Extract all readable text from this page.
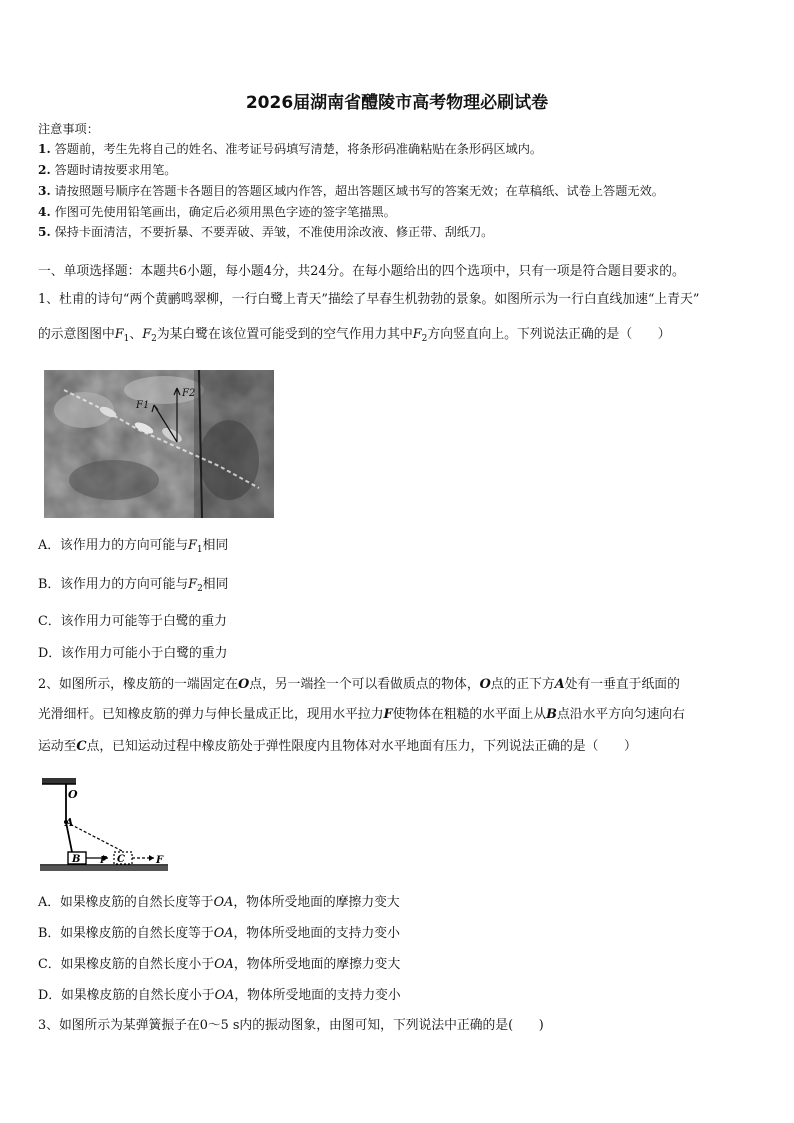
2026届湖南省醴陵市高考物理必刷试卷
注意事项：
1. 答题前，考生先将自己的姓名、准考证号码填写清楚，将条形码准确粘贴在条形码区域内。
2. 答题时请按要求用笔。
3. 请按照题号顺序在答题卡各题目的答题区域内作答，超出答题区域书写的答案无效；在草稿纸、试卷上答题无效。
4. 作图可先使用铅笔画出，确定后必须用黑色字迹的签字笔描黑。
5. 保持卡面清洁，不要折暴、不要弄破、弄皱，不准使用涂改液、修正带、刮纸刀。
一、单项选择题：本题共6小题，每小题4分，共24分。在每小题给出的四个选项中，只有一项是符合题目要求的。
1、杜甫的诗句“两个黄鹂鸣翠柳，一行白鹭上青天”描绘了早春生机勃勃的景象。如图所示为一行白直线加速“上青天”
的示意图图中$F_1$、$F_2$为某白鹭在该位置可能受到的空气作用力其中$F_2$方向竖直向上。下列说法正确的是（　　）
F1
F2
A．该作用力的方向可能与$F_1$相同
B．该作用力的方向可能与$F_2$相同
C．该作用力可能等于白鹭的重力
D．该作用力可能小于白鹭的重力
2、如图所示，橡皮筋的一端固定在O点，另一端拴一个可以看做质点的物体，O点的正下方A处有一垂直于纸面的
光滑细杆。已知橡皮筋的弹力与伸长量成正比，现用水平拉力F使物体在粗糙的水平面上从B点沿水平方向匀速向右
运动至C点，已知运动过程中橡皮筋处于弹性限度内且物体对水平地面有压力，下列说法正确的是（　　）
O
A
B	C
F	F
A．如果橡皮筋的自然长度等于OA，物体所受地面的摩擦力变大
B．如果橡皮筋的自然长度等于OA，物体所受地面的支持力变小
C．如果橡皮筋的自然长度小于OA，物体所受地面的摩擦力变大
D．如果橡皮筋的自然长度小于OA，物体所受地面的支持力变小
3、如图所示为某弹簧振子在0～5 s内的振动图象，由图可知，下列说法中正确的是(　　)
